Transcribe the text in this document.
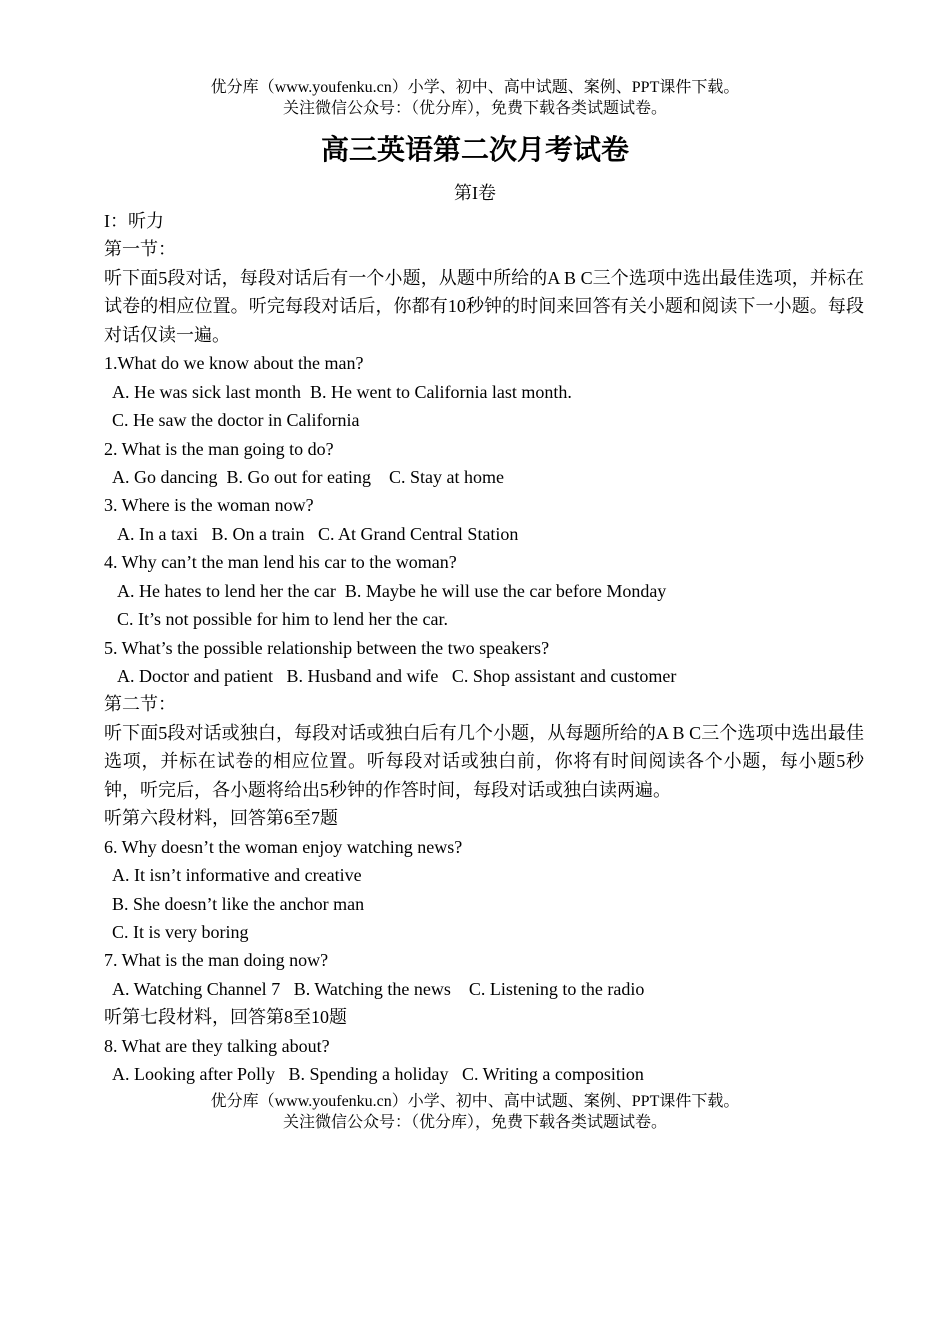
优分库（www.youfenku.cn）小学、初中、高中试题、案例、PPT课件下载。
关注微信公众号：（优分库），免费下载各类试题试卷。
高三英语第二次月考试卷
第I卷
I：听力
第一节：
听下面5段对话，每段对话后有一个小题，从题中所给的A B C三个选项中选出最佳选项，并标在试卷的相应位置。听完每段对话后，你都有10秒钟的时间来回答有关小题和阅读下一小题。每段对话仅读一遍。
1.What do we know about the man?
A. He was sick last month  B. He went to California last month.
C. He saw the doctor in California
2. What is the man going to do?
A. Go dancing  B. Go out for eating    C. Stay at home
3. Where is the woman now?
A. In a taxi   B. On a train   C. At Grand Central Station
4. Why can’t the man lend his car to the woman?
A. He hates to lend her the car  B. Maybe he will use the car before Monday
C. It’s not possible for him to lend her the car.
5. What’s the possible relationship between the two speakers?
A. Doctor and patient   B. Husband and wife   C. Shop assistant and customer
第二节：
听下面5段对话或独白，每段对话或独白后有几个小题，从每题所给的A B C三个选项中选出最佳选项，并标在试卷的相应位置。听每段对话或独白前，你将有时间阅读各个小题，每小题5秒钟，听完后，各小题将给出5秒钟的作答时间，每段对话或独白读两遍。
听第六段材料，回答第6至7题
6. Why doesn’t the woman enjoy watching news?
A. It isn’t informative and creative
B. She doesn’t like the anchor man
C. It is very boring
7. What is the man doing now?
A. Watching Channel 7   B. Watching the news    C. Listening to the radio
听第七段材料，回答第8至10题
8. What are they talking about?
A. Looking after Polly   B. Spending a holiday   C. Writing a composition
优分库（www.youfenku.cn）小学、初中、高中试题、案例、PPT课件下载。
关注微信公众号：（优分库），免费下载各类试题试卷。
